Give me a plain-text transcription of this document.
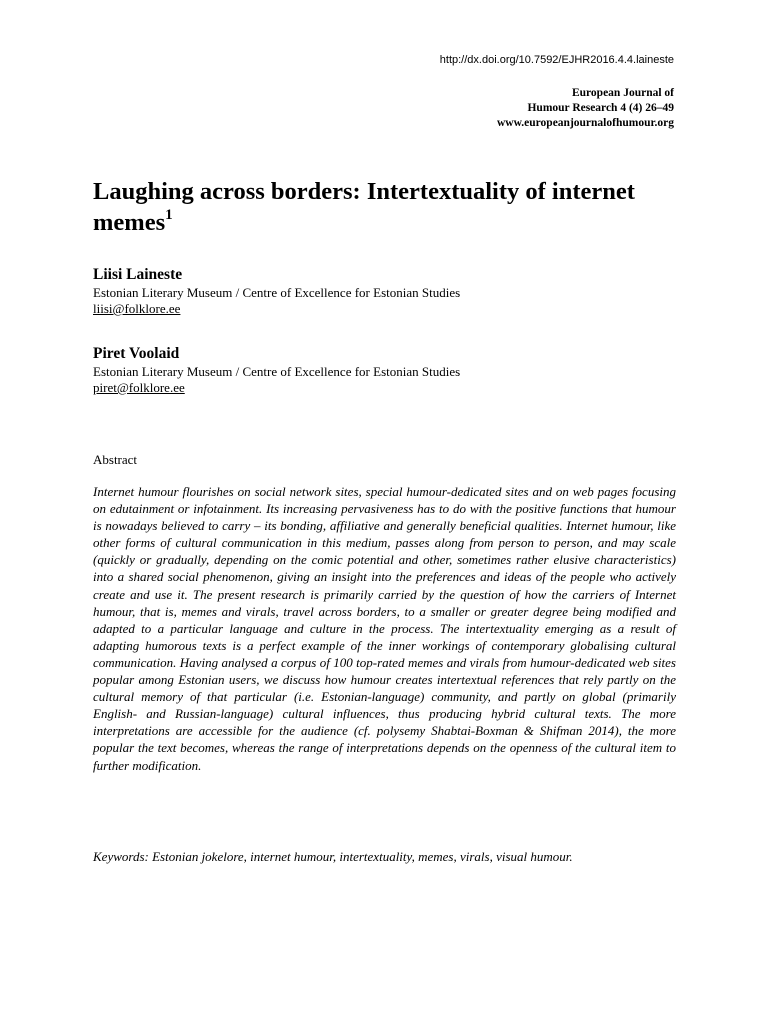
http://dx.doi.org/10.7592/EJHR2016.4.4.laineste
European Journal of
Humour Research 4 (4) 26–49
www.europeanjournalofhumour.org
Laughing across borders: Intertextuality of internet memes$^1$
Liisi Laineste
Estonian Literary Museum / Centre of Excellence for Estonian Studies
liisi@folklore.ee
Piret Voolaid
Estonian Literary Museum / Centre of Excellence for Estonian Studies
piret@folklore.ee
Abstract

Internet humour flourishes on social network sites, special humour-dedicated sites and on web pages focusing on edutainment or infotainment. Its increasing pervasiveness has to do with the positive functions that humour is nowadays believed to carry – its bonding, affiliative and generally beneficial qualities. Internet humour, like other forms of cultural communication in this medium, passes along from person to person, and may scale (quickly or gradually, depending on the comic potential and other, sometimes rather elusive characteristics) into a shared social phenomenon, giving an insight into the preferences and ideas of the people who actively create and use it. The present research is primarily carried by the question of how the carriers of Internet humour, that is, memes and virals, travel across borders, to a smaller or greater degree being modified and adapted to a particular language and culture in the process. The intertextuality emerging as a result of adapting humorous texts is a perfect example of the inner workings of contemporary globalising cultural communication. Having analysed a corpus of 100 top-rated memes and virals from humour-dedicated web sites popular among Estonian users, we discuss how humour creates intertextual references that rely partly on the cultural memory of that particular (i.e. Estonian-language) community, and partly on global (primarily English- and Russian-language) cultural influences, thus producing hybrid cultural texts. The more interpretations are accessible for the audience (cf. polysemy Shabtai-Boxman & Shifman 2014), the more popular the text becomes, whereas the range of interpretations depends on the openness of the cultural item to further modification.

Keywords: Estonian jokelore, internet humour, intertextuality, memes, virals, visual humour.
